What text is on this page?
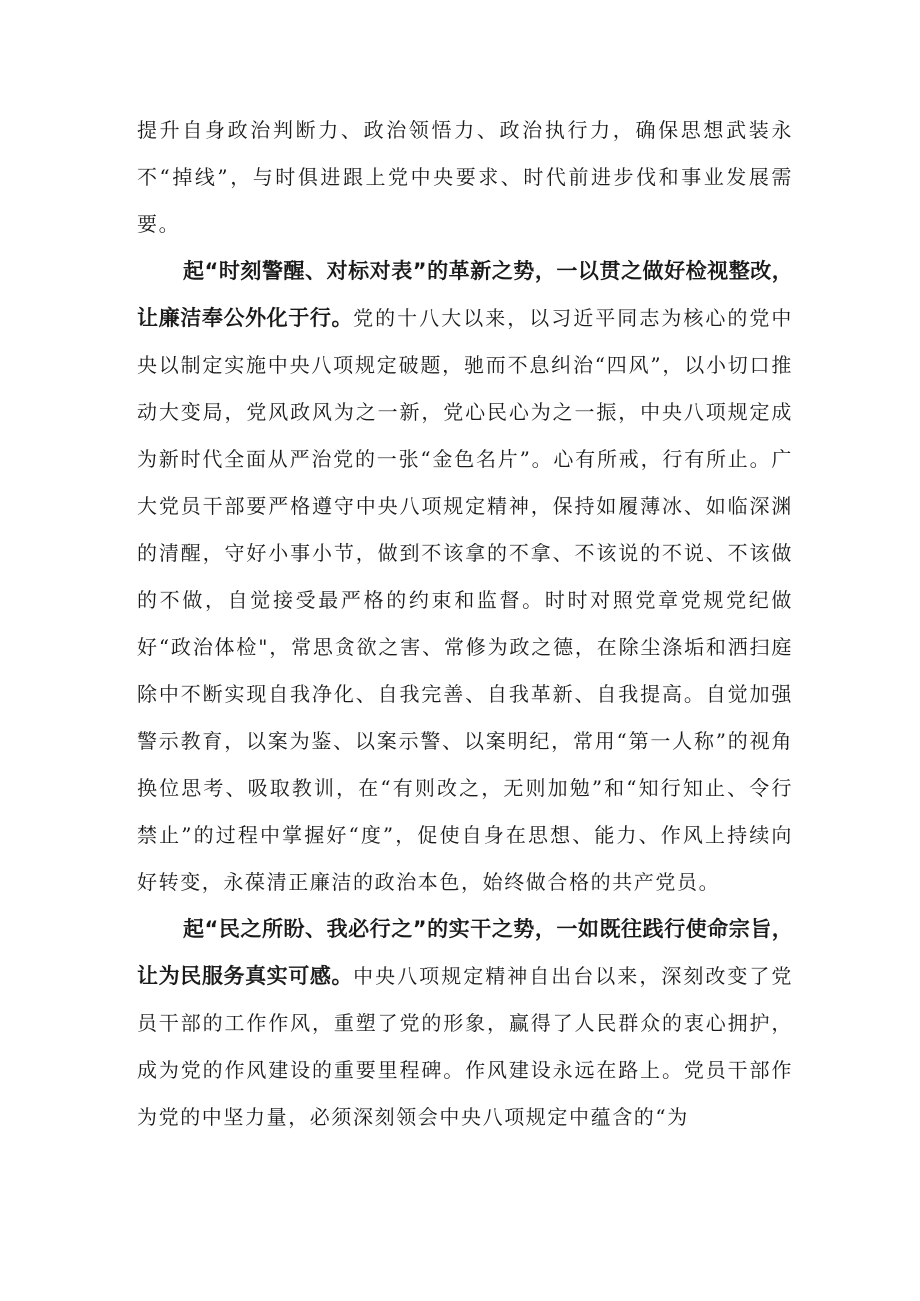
提升自身政治判断力、政治领悟力、政治执行力，确保思想武装永不“掉线”，与时俱进跟上党中央要求、时代前进步伐和事业发展需要。

起“时刻警醒、对标对表”的革新之势，一以贯之做好检视整改，让廉洁奉公外化于行。党的十八大以来，以习近平同志为核心的党中央以制定实施中央八项规定破题，驰而不息纠治“四风”，以小切口推动大变局，党风政风为之一新，党心民心为之一振，中央八项规定成为新时代全面从严治党的一张“金色名片”。心有所戒，行有所止。广大党员干部要严格遵守中央八项规定精神，保持如履薄冰、如临深渊的清醒，守好小事小节，做到不该拿的不拿、不该说的不说、不该做的不做，自觉接受最严格的约束和监督。时时对照党章党规党纪做好“政治体检"，常思贪欲之害、常修为政之德，在除尘涤垢和洒扫庭除中不断实现自我净化、自我完善、自我革新、自我提高。自觉加强警示教育，以案为鉴、以案示警、以案明纪，常用“第一人称”的视角换位思考、吸取教训，在“有则改之，无则加勉”和“知行知止、令行禁止”的过程中掌握好“度”，促使自身在思想、能力、作风上持续向好转变，永葆清正廉洁的政治本色，始终做合格的共产党员。

起“民之所盼、我必行之”的实干之势，一如既往践行使命宗旨，让为民服务真实可感。中央八项规定精神自出台以来，深刻改变了党员干部的工作作风，重塑了党的形象，赢得了人民群众的衷心拥护，成为党的作风建设的重要里程碑。作风建设永远在路上。党员干部作为党的中坚力量，必须深刻领会中央八项规定中蕴含的“为
